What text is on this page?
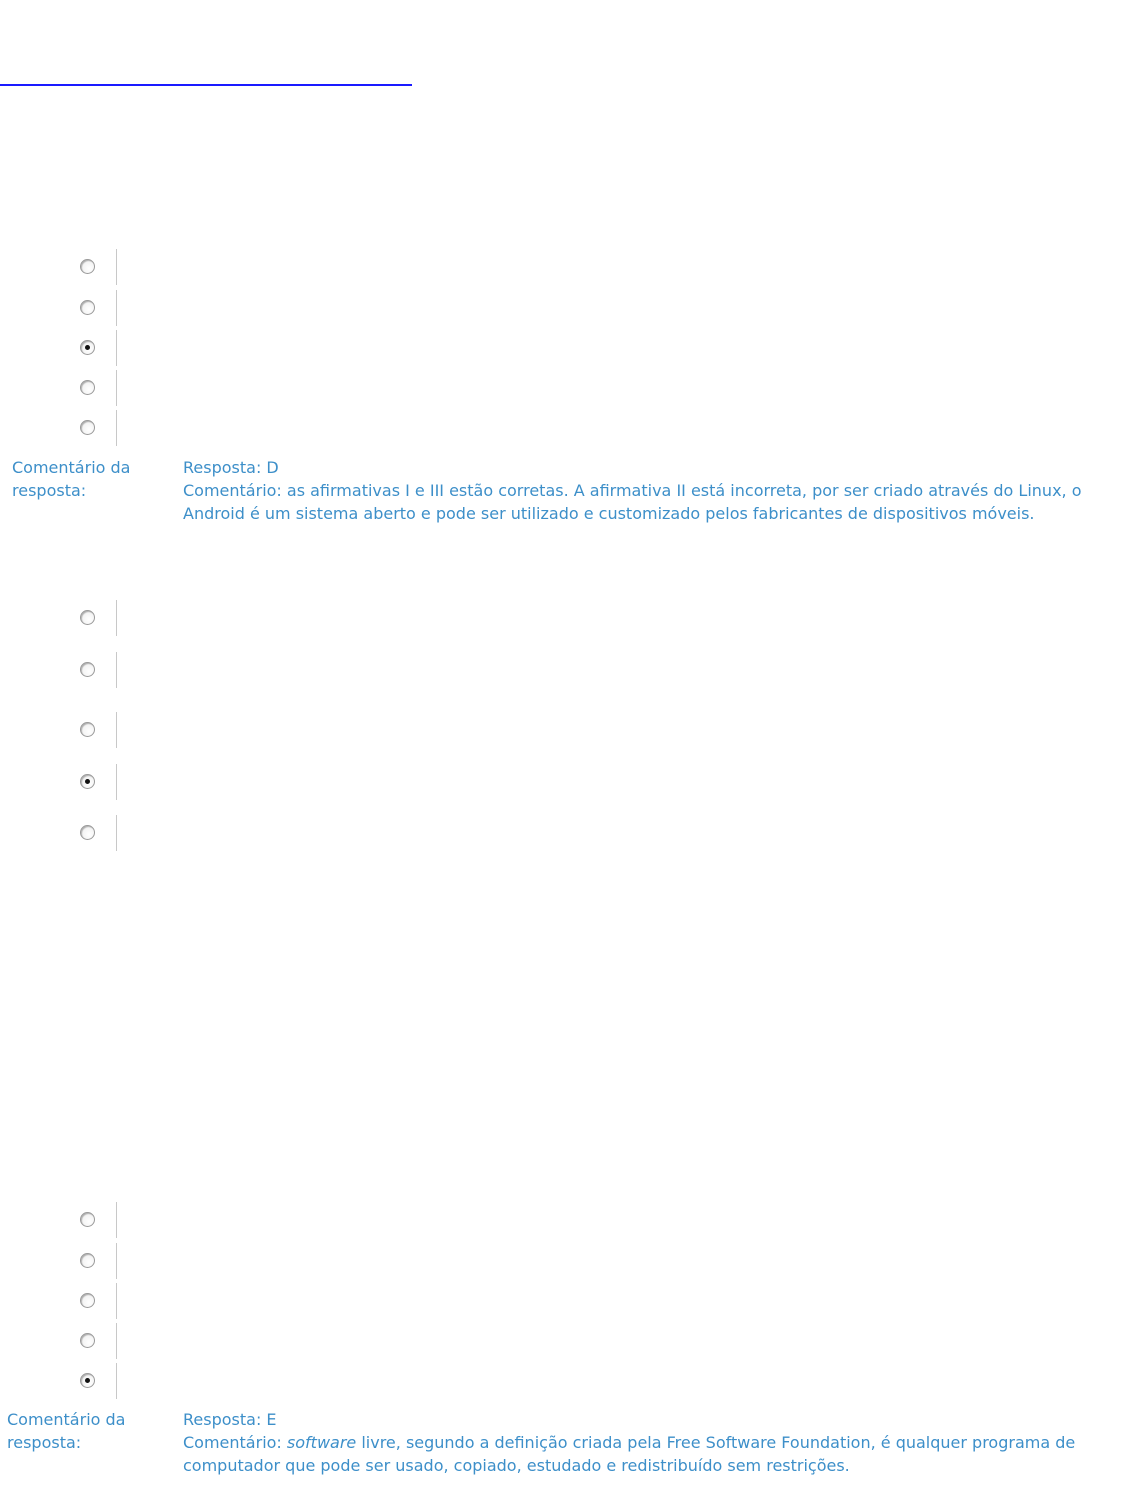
Comentário da
resposta:

Resposta: D

Comentário: as afirmativas I e III estão corretas. A afirmativa II está incorreta, por ser criado através do Linux, o

Android é um sistema aberto e pode ser utilizado e customizado pelos fabricantes de dispositivos móveis.

Comentário da
resposta:

Resposta: E

Comentário: software livre, segundo a definição criada pela Free Software Foundation, é qualquer programa de

computador que pode ser usado, copiado, estudado e redistribuído sem restrições.
